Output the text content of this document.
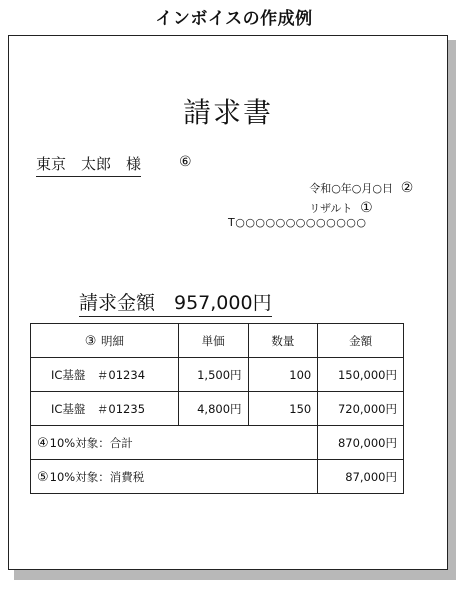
インボイスの作成例
請求書
東京　太郎　様	⑥
令和○年○月○日 ②
リザルト ①
T○○○○○○○○○○○○○
請求金額　957,000円
③ 明細	単価	数量	金額
IC基盤　＃01234	1,500円	100	150,000円
IC基盤　＃01235	4,800円	150	720,000円
④10%対象：合計			870,000円
⑤10%対象：消費税			87,000円
